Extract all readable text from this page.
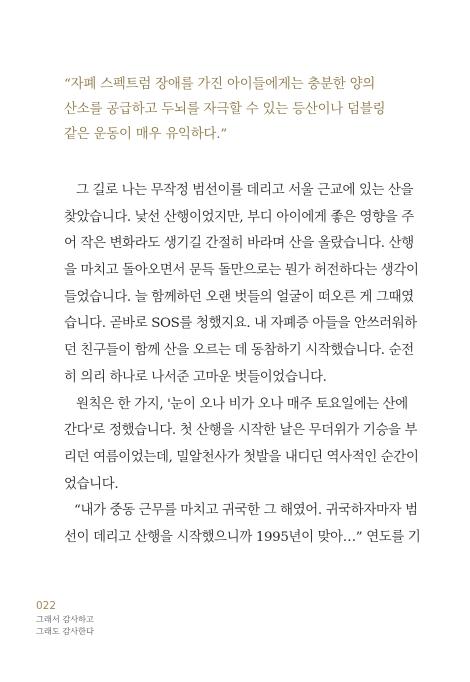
“자폐 스펙트럼 장애를 가진 아이들에게는 충분한 양의
산소를 공급하고 두뇌를 자극할 수 있는 등산이나 덤블링
같은 운동이 매우 유익하다.”
그 길로 나는 무작정 범선이를 데리고 서울 근교에 있는 산을
찾았습니다. 낯선 산행이었지만, 부디 아이에게 좋은 영향을 주
어 작은 변화라도 생기길 간절히 바라며 산을 올랐습니다. 산행
을 마치고 돌아오면서 문득 돌만으로는 뭔가 허전하다는 생각이
들었습니다. 늘 함께하던 오랜 벗들의 얼굴이 떠오른 게 그때였
습니다. 곧바로 SOS를 청했지요. 내 자폐증 아들을 안쓰러워하
던 친구들이 함께 산을 오르는 데 동참하기 시작했습니다. 순전
히 의리 하나로 나서준 고마운 벗들이었습니다.
원칙은 한 가지, '눈이 오나 비가 오나 매주 토요일에는 산에
간다'로 정했습니다. 첫 산행을 시작한 날은 무더위가 기승을 부
리던 여름이었는데, 밀알천사가 첫발을 내디딘 역사적인 순간이
었습니다.
“내가 중동 근무를 마치고 귀국한 그 해였어. 귀국하자마자 범
선이 데리고 산행을 시작했으니까 1995년이 맞아…” 연도를 기
022
그래서 감사하고
그래도 감사한다
